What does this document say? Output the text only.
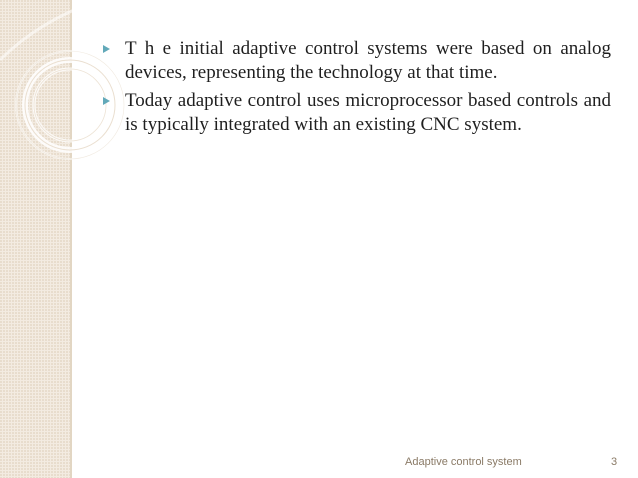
T h e initial adaptive control systems were based on analog devices, representing the technology at that time.
Today adaptive control uses microprocessor based controls and is typically integrated with an existing CNC system.
Adaptive control system	3
